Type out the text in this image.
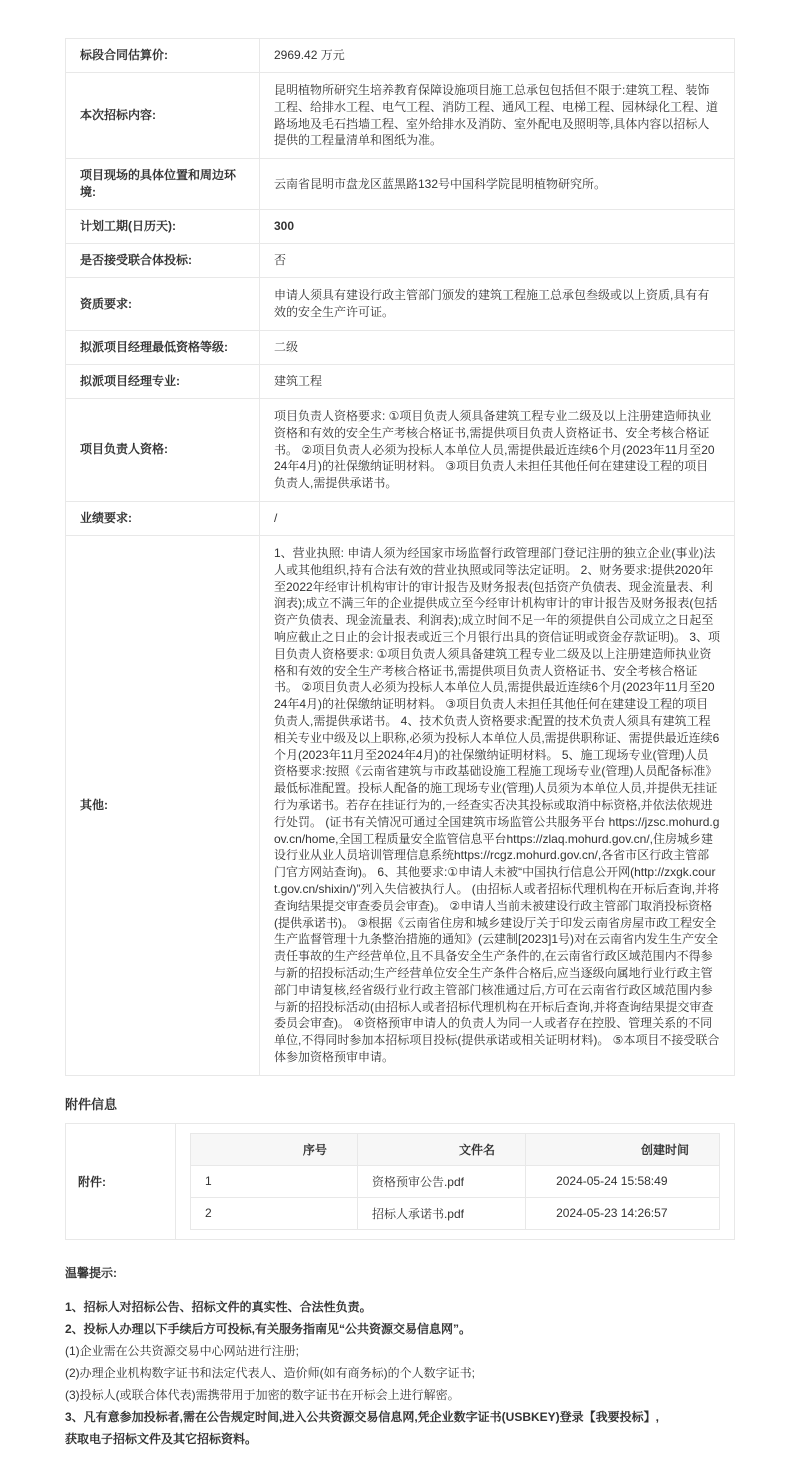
标段合同估算价:	2969.42 万元
本次招标内容:	昆明植物所研究生培养教育保障设施项目施工总承包包括但不限于:建筑工程、装饰工程、给排水工程、电气工程、消防工程、通风工程、电梯工程、园林绿化工程、道路场地及毛石挡墙工程、室外给排水及消防、室外配电及照明等,具体内容以招标人提供的工程量清单和图纸为准。
项目现场的具体位置和周边环境:	云南省昆明市盘龙区蓝黑路132号中国科学院昆明植物研究所。
计划工期(日历天):	300
是否接受联合体投标:	否
资质要求:	申请人须具有建设行政主管部门颁发的建筑工程施工总承包叁级或以上资质,具有有效的安全生产许可证。
拟派项目经理最低资格等级:	二级
拟派项目经理专业:	建筑工程
项目负责人资格:	项目负责人资格要求: ①项目负责人须具备建筑工程专业二级及以上注册建造师执业资格和有效的安全生产考核合格证书,需提供项目负责人资格证书、安全考核合格证书。 ②项目负责人必须为投标人本单位人员,需提供最近连续6个月(2023年11月至2024年4月)的社保缴纳证明材料。 ③项目负责人未担任其他任何在建建设工程的项目负责人,需提供承诺书。
业绩要求:	/
其他:	1、营业执照: 申请人须为经国家市场监督行政管理部门登记注册的独立企业(事业)法人或其他组织,持有合法有效的营业执照或同等法定证明。 2、财务要求:提供2020年至2022年经审计机构审计的审计报告及财务报表(包括资产负债表、现金流量表、利润表);成立不满三年的企业提供成立至今经审计机构审计的审计报告及财务报表(包括资产负债表、现金流量表、利润表);成立时间不足一年的须提供自公司成立之日起至响应截止之日止的会计报表或近三个月银行出具的资信证明或资金存款证明)。 3、项目负责人资格要求: ①项目负责人须具备建筑工程专业二级及以上注册建造师执业资格和有效的安全生产考核合格证书,需提供项目负责人资格证书、安全考核合格证书。 ②项目负责人必须为投标人本单位人员,需提供最近连续6个月(2023年11月至2024年4月)的社保缴纳证明材料。 ③项目负责人未担任其他任何在建建设工程的项目负责人,需提供承诺书。 4、技术负责人资格要求:配置的技术负责人须具有建筑工程相关专业中级及以上职称,必须为投标人本单位人员,需提供职称证、需提供最近连续6个月(2023年11月至2024年4月)的社保缴纳证明材料。 5、施工现场专业(管理)人员资格要求:按照《云南省建筑与市政基础设施工程施工现场专业(管理)人员配备标准》最低标准配置。投标人配备的施工现场专业(管理)人员须为本单位人员,并提供无挂证行为承诺书。若存在挂证行为的,一经查实否决其投标或取消中标资格,并依法依规进行处罚。 (证书有关情况可通过全国建筑市场监管公共服务平台 https://jzsc.mohurd.gov.cn/home,全国工程质量安全监管信息平台https://zlaq.mohurd.gov.cn/,住房城乡建设行业从业人员培训管理信息系统https://rcgz.mohurd.gov.cn/,各省市区行政主管部门官方网站查询)。 6、其他要求:①申请人未被“中国执行信息公开网(http://zxgk.court.gov.cn/shixin/)”列入失信被执行人。 (由招标人或者招标代理机构在开标后查询,并将查询结果提交审查委员会审查)。 ②申请人当前未被建设行政主管部门取消投标资格(提供承诺书)。 ③根据《云南省住房和城乡建设厅关于印发云南省房屋市政工程安全生产监督管理十九条整治措施的通知》(云建制[2023]1号)对在云南省内发生生产安全责任事故的生产经营单位,且不具备安全生产条件的,在云南省行政区域范围内不得参与新的招投标活动;生产经营单位安全生产条件合格后,应当逐级向属地行业行政主管部门申请复核,经省级行业行政主管部门核准通过后,方可在云南省行政区域范围内参与新的招投标活动(由招标人或者招标代理机构在开标后查询,并将查询结果提交审查委员会审查)。 ④资格预审申请人的负责人为同一人或者存在控股、管理关系的不同单位,不得同时参加本招标项目投标(提供承诺或相关证明材料)。 ⑤本项目不接受联合体参加资格预审申请。
附件信息
附件:	
序号	文件名	创建时间
1	资格预审公告.pdf	2024-05-24 15:58:49
2	招标人承诺书.pdf	2024-05-23 14:26:57

温馨提示:

1、招标人对招标公告、招标文件的真实性、合法性负责。

2、投标人办理以下手续后方可投标,有关服务指南见“公共资源交易信息网”。

(1)企业需在公共资源交易中心网站进行注册;

(2)办理企业机构数字证书和法定代表人、造价师(如有商务标)的个人数字证书;

(3)投标人(或联合体代表)需携带用于加密的数字证书在开标会上进行解密。

3、凡有意参加投标者,需在公告规定时间,进入公共资源交易信息网,凭企业数字证书(USBKEY)登录【我要投标】,

获取电子招标文件及其它招标资料。
